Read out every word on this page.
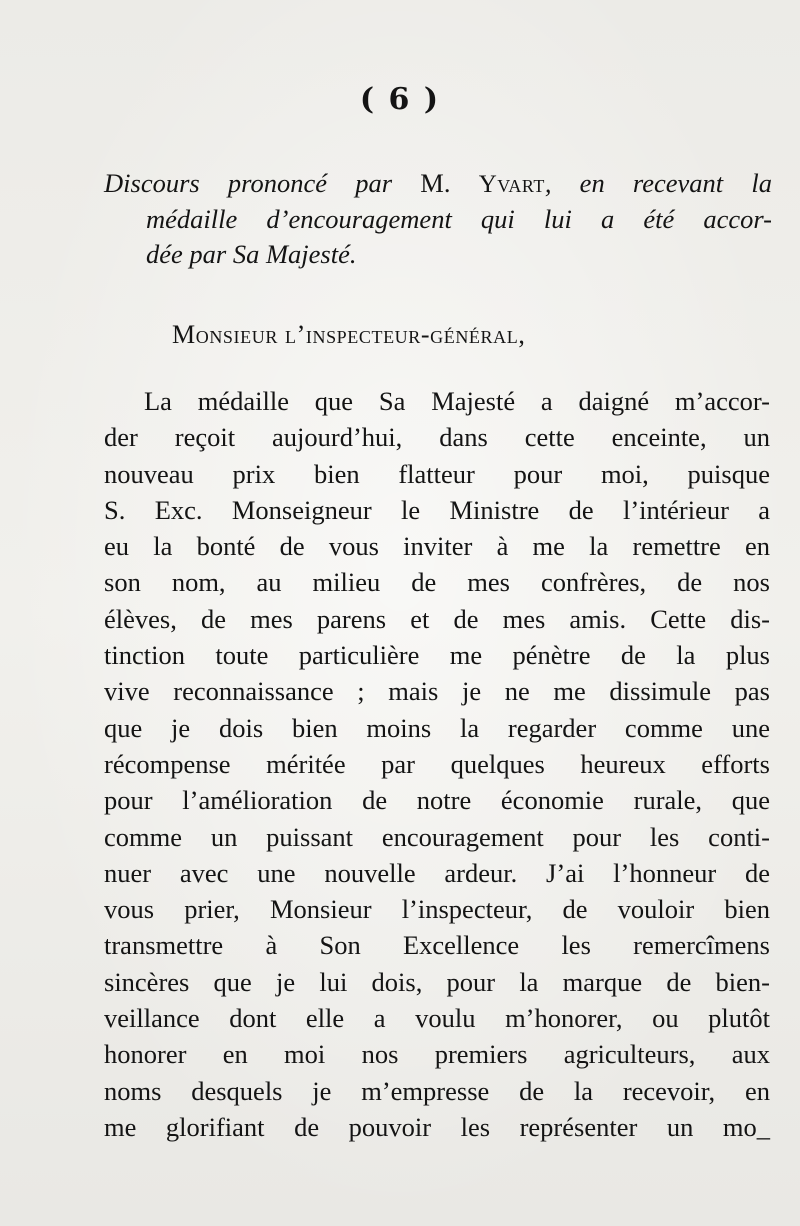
( 6 )
Discours prononcé par M. Yvart, en recevant la
médaille d’encouragement qui lui a été accor-
dée par Sa Majesté.
Monsieur l’inspecteur-général,
La médaille que Sa Majesté a daigné m’accor-
der reçoit aujourd’hui, dans cette enceinte, un
nouveau prix bien flatteur pour moi, puisque
S. Exc. Monseigneur le Ministre de l’intérieur a
eu la bonté de vous inviter à me la remettre en
son nom, au milieu de mes confrères, de nos
élèves, de mes parens et de mes amis. Cette dis-
tinction toute particulière me pénètre de la plus
vive reconnaissance ; mais je ne me dissimule pas
que je dois bien moins la regarder comme une
récompense méritée par quelques heureux efforts
pour l’amélioration de notre économie rurale, que
comme un puissant encouragement pour les conti-
nuer avec une nouvelle ardeur. J’ai l’honneur de
vous prier, Monsieur l’inspecteur, de vouloir bien
transmettre à Son Excellence les remercîmens
sincères que je lui dois, pour la marque de bien-
veillance dont elle a voulu m’honorer, ou plutôt
honorer en moi nos premiers agriculteurs, aux
noms desquels je m’empresse de la recevoir, en
me glorifiant de pouvoir les représenter un mo_
